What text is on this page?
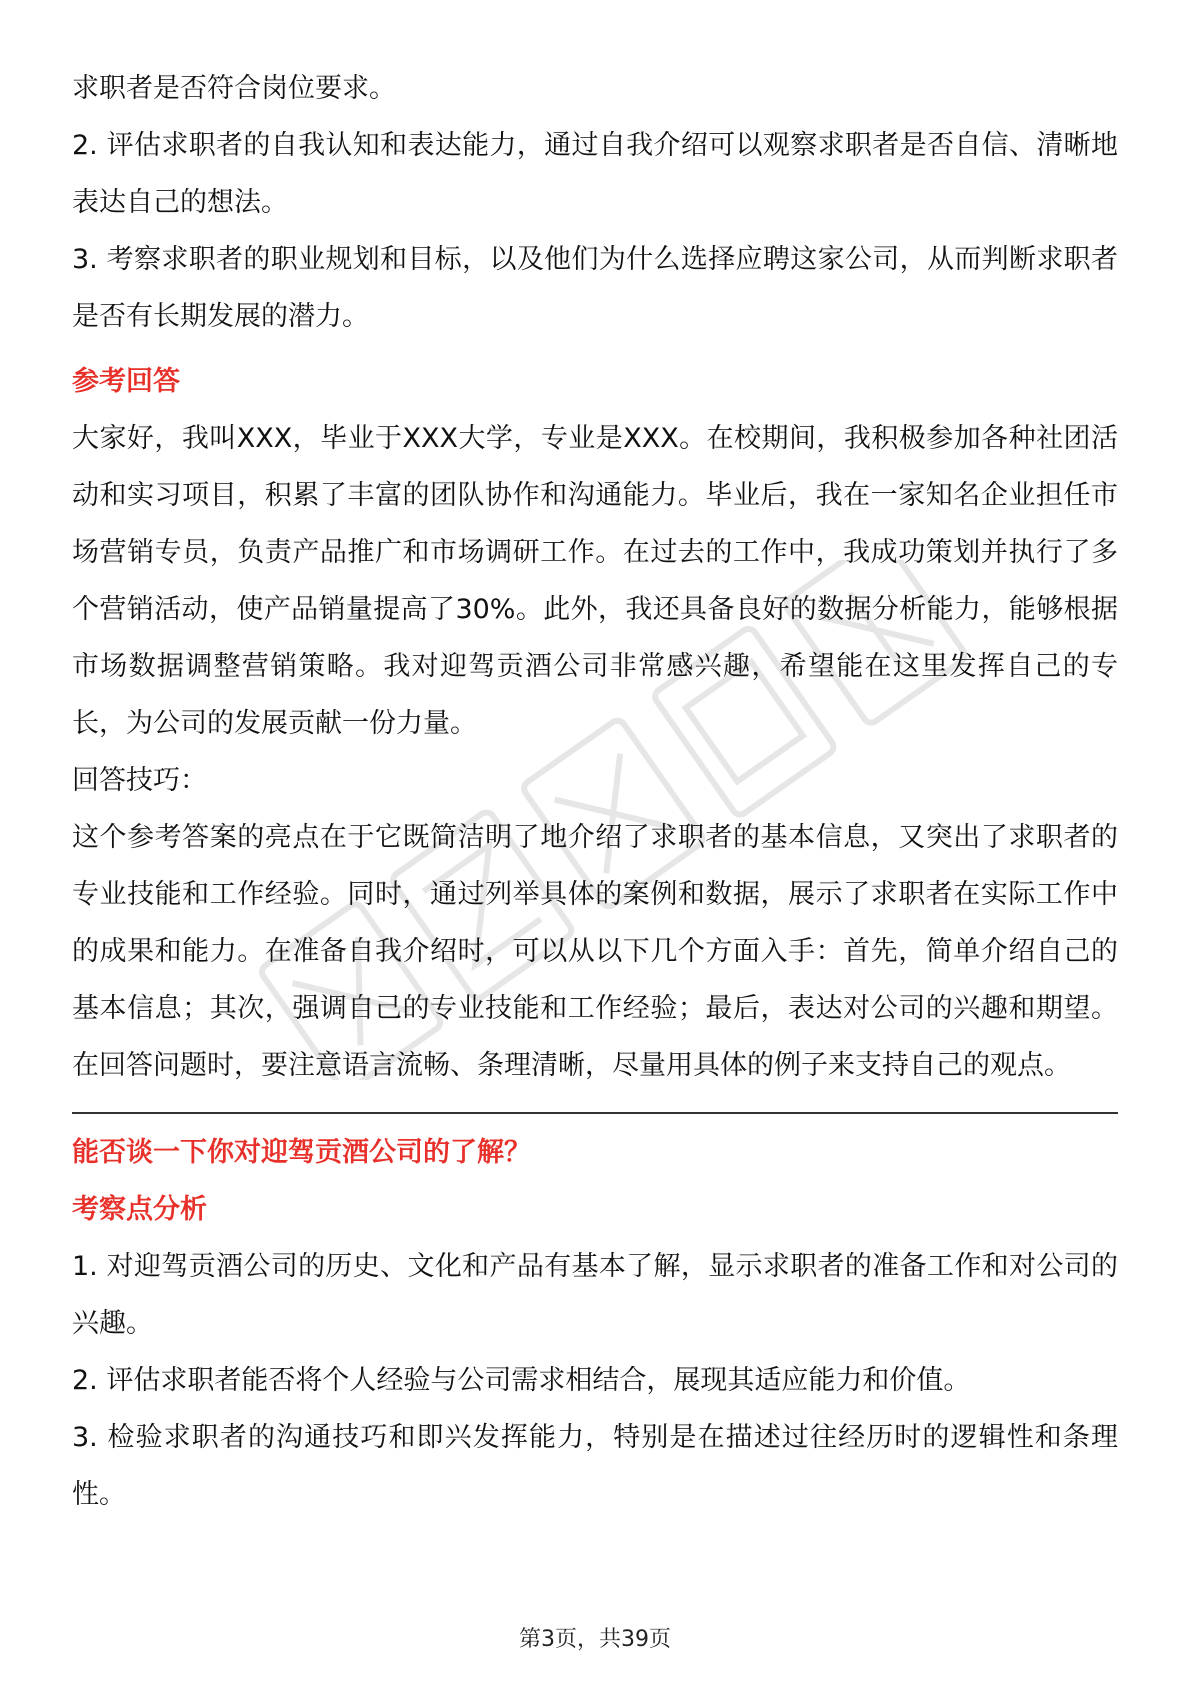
求职者是否符合岗位要求。

2. 评估求职者的自我认知和表达能力，通过自我介绍可以观察求职者是否自信、清晰地表达自己的想法。

3. 考察求职者的职业规划和目标，以及他们为什么选择应聘这家公司，从而判断求职者是否有长期发展的潜力。

参考回答

大家好，我叫XXX，毕业于XXX大学，专业是XXX。在校期间，我积极参加各种社团活动和实习项目，积累了丰富的团队协作和沟通能力。毕业后，我在一家知名企业担任市场营销专员，负责产品推广和市场调研工作。在过去的工作中，我成功策划并执行了多个营销活动，使产品销量提高了30%。此外，我还具备良好的数据分析能力，能够根据市场数据调整营销策略。我对迎驾贡酒公司非常感兴趣，希望能在这里发挥自己的专长，为公司的发展贡献一份力量。

回答技巧：

这个参考答案的亮点在于它既简洁明了地介绍了求职者的基本信息，又突出了求职者的专业技能和工作经验。同时，通过列举具体的案例和数据，展示了求职者在实际工作中的成果和能力。在准备自我介绍时，可以从以下几个方面入手：首先，简单介绍自己的基本信息；其次，强调自己的专业技能和工作经验；最后，表达对公司的兴趣和期望。在回答问题时，要注意语言流畅、条理清晰，尽量用具体的例子来支持自己的观点。

能否谈一下你对迎驾贡酒公司的了解？

考察点分析

1. 对迎驾贡酒公司的历史、文化和产品有基本了解，显示求职者的准备工作和对公司的兴趣。

2. 评估求职者能否将个人经验与公司需求相结合，展现其适应能力和价值。

3. 检验求职者的沟通技巧和即兴发挥能力，特别是在描述过往经历时的逻辑性和条理性。

第3页，共39页
